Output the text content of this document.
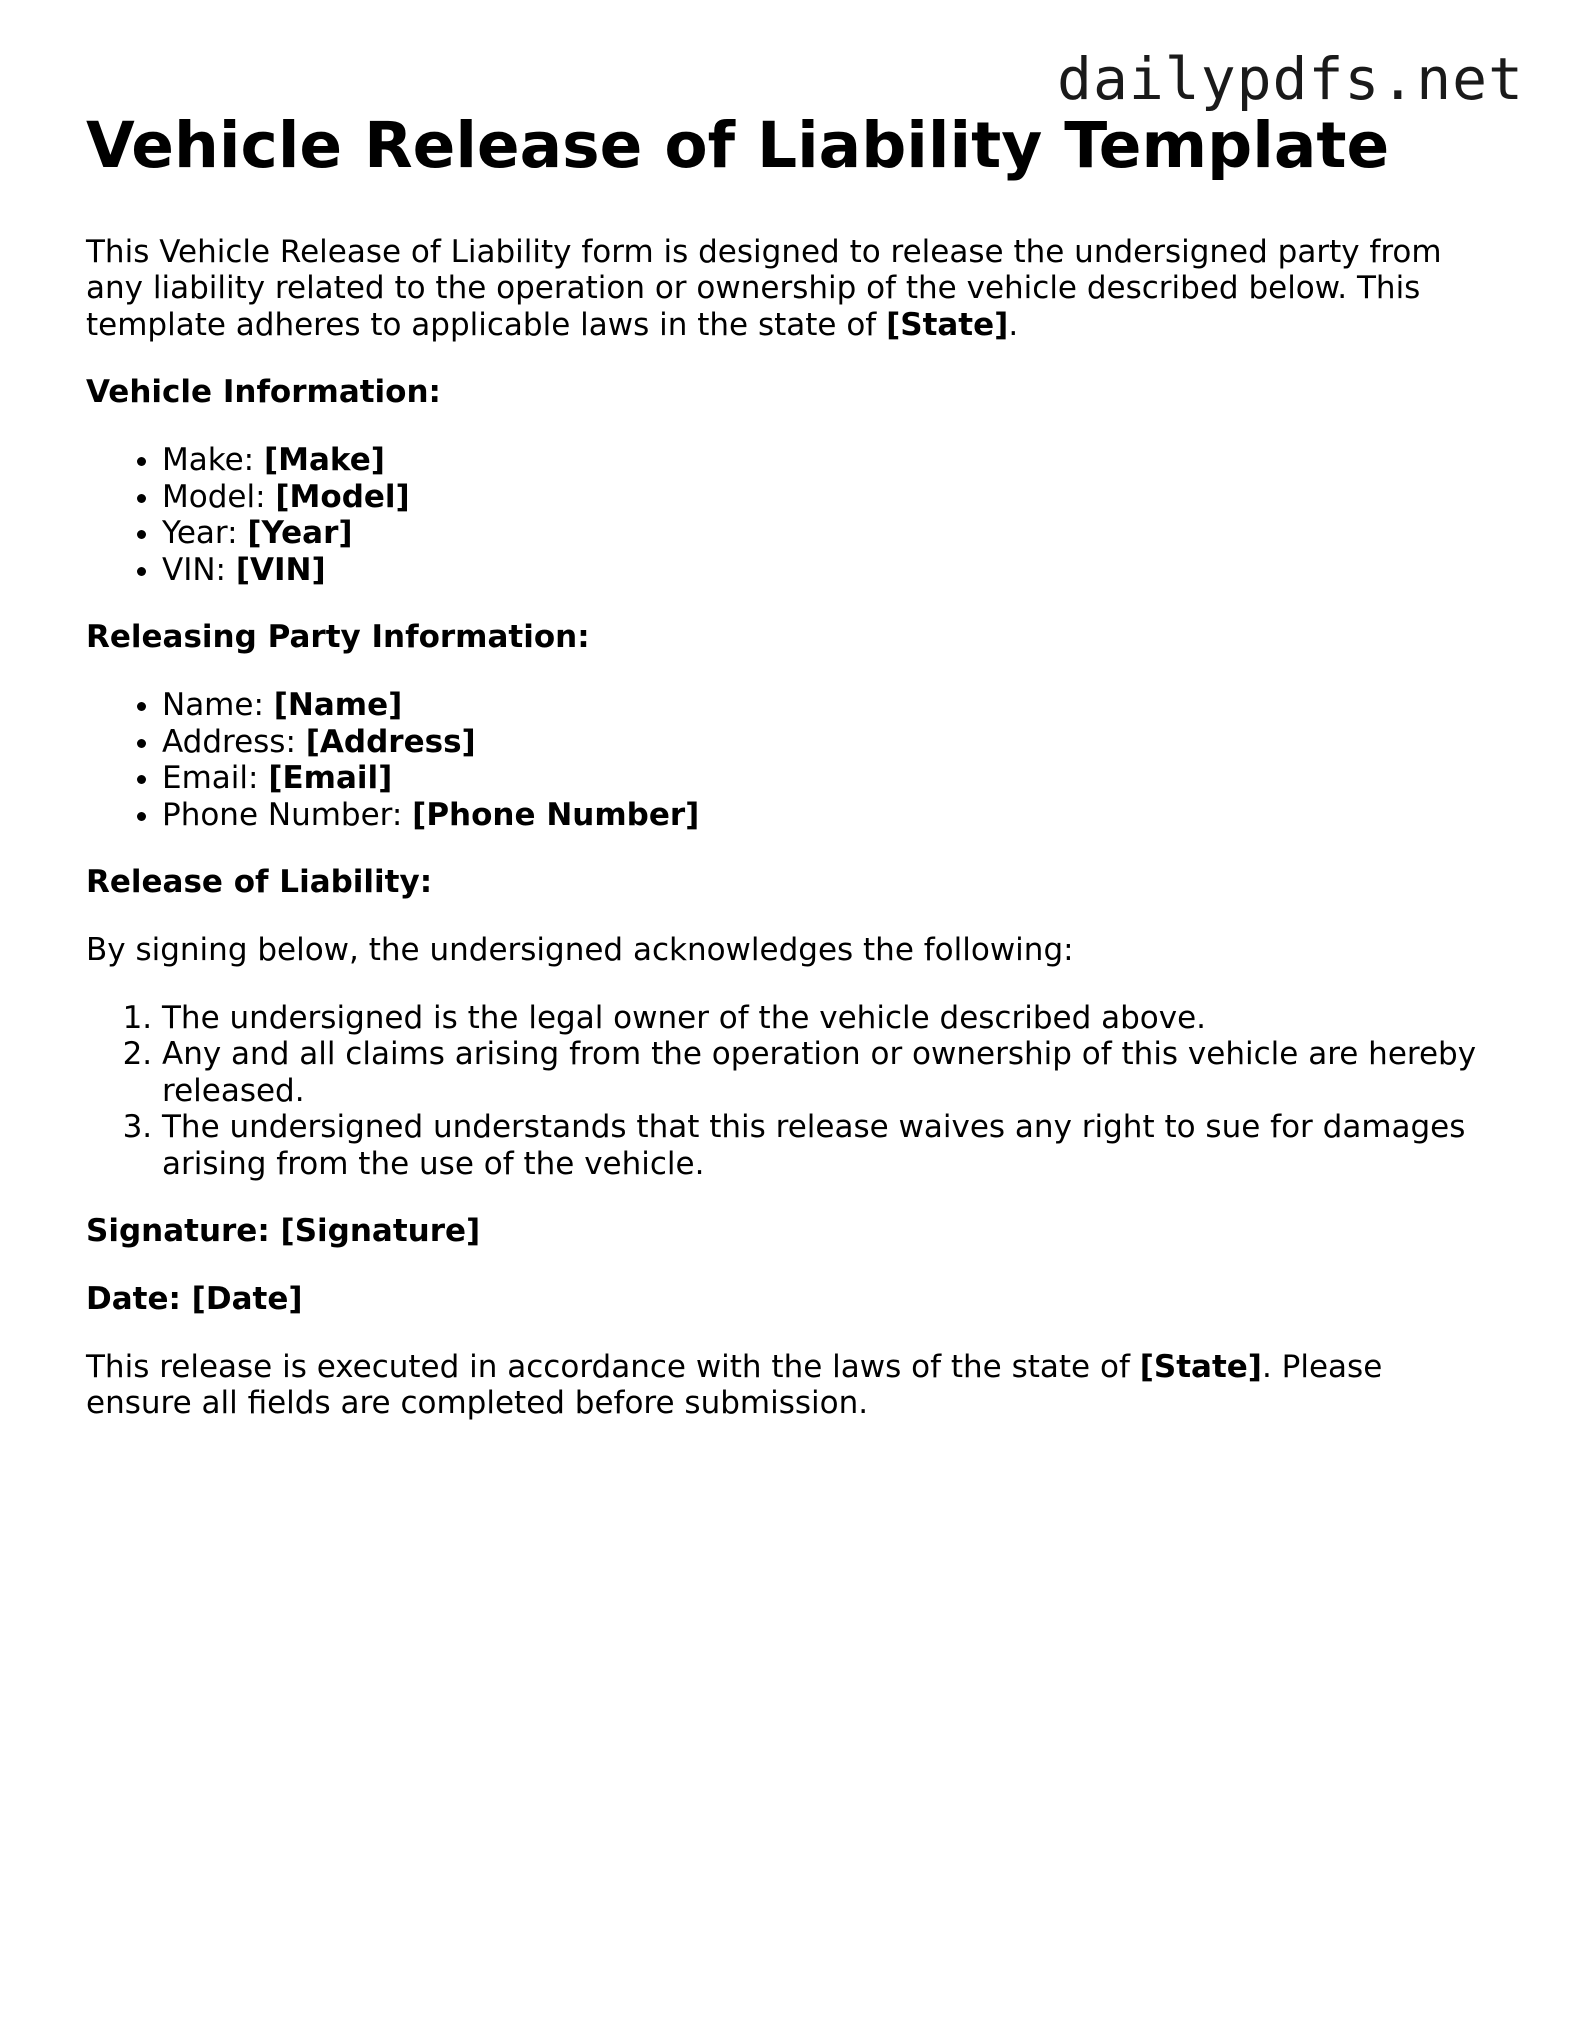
dailypdfs.net
Vehicle Release of Liability Template

This Vehicle Release of Liability form is designed to release the undersigned party from any liability related to the operation or ownership of the vehicle described below. This template adheres to applicable laws in the state of [State].

Vehicle Information:

• Make: [Make]
• Model: [Model]
• Year: [Year]
• VIN: [VIN]

Releasing Party Information:

• Name: [Name]
• Address: [Address]
• Email: [Email]
• Phone Number: [Phone Number]

Release of Liability:

By signing below, the undersigned acknowledges the following:

1. The undersigned is the legal owner of the vehicle described above.
2. Any and all claims arising from the operation or ownership of this vehicle are hereby released.
3. The undersigned understands that this release waives any right to sue for damages arising from the use of the vehicle.

Signature: [Signature]

Date: [Date]

This release is executed in accordance with the laws of the state of [State]. Please ensure all fields are completed before submission.
